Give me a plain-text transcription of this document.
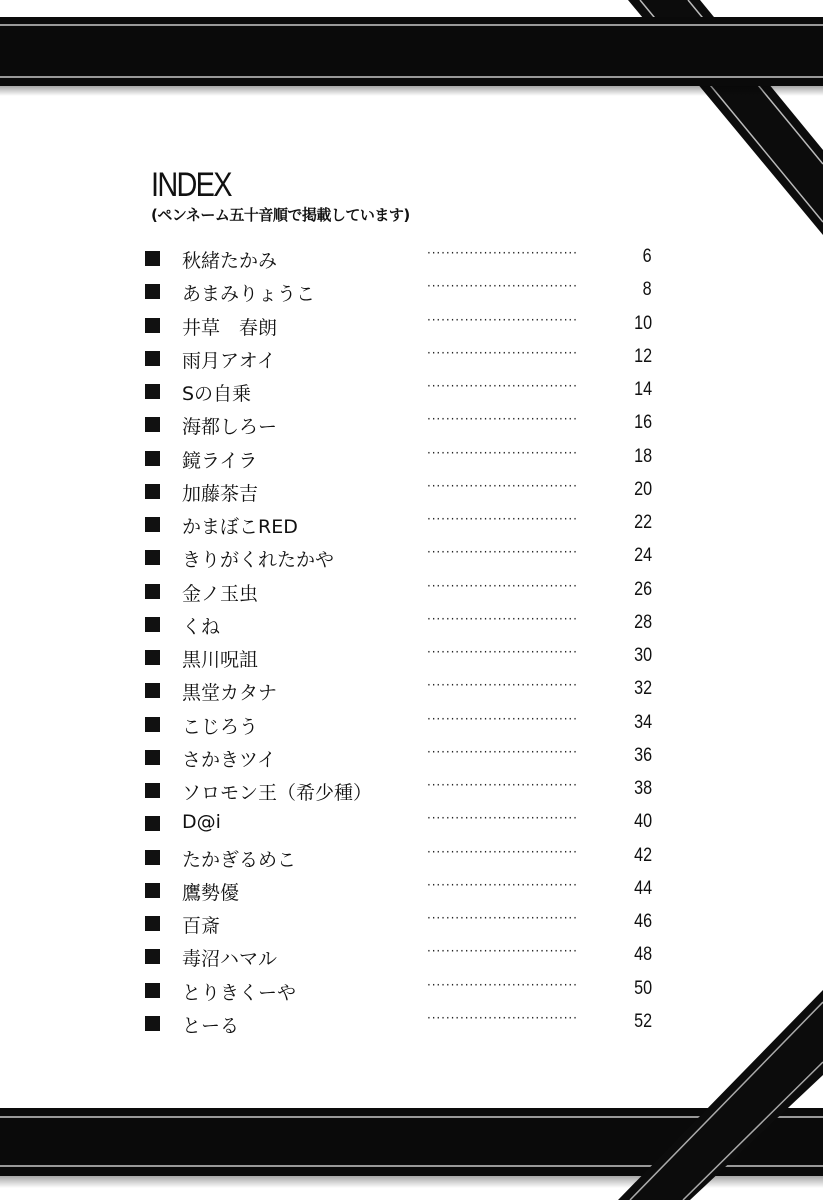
INDEX
(ペンネーム五十音順で掲載しています)
秋緒たかみ	································	6
あまみりょうこ	································	8
井草　春朗	································	10
雨月アオイ	································	12
Sの自乗	································	14
海都しろー	································	16
鏡ライラ	································	18
加藤茶吉	································	20
かまぼこRED	································	22
きりがくれたかや	································	24
金ノ玉虫	································	26
くね	································	28
黒川呪詛	································	30
黒堂カタナ	································	32
こじろう	································	34
さかきツイ	································	36
ソロモン王（希少種）	································	38
D@i	································	40
たかぎるめこ	································	42
鷹勢優	································	44
百斎	································	46
毒沼ハマル	································	48
とりきくーや	································	50
とーる	································	52
